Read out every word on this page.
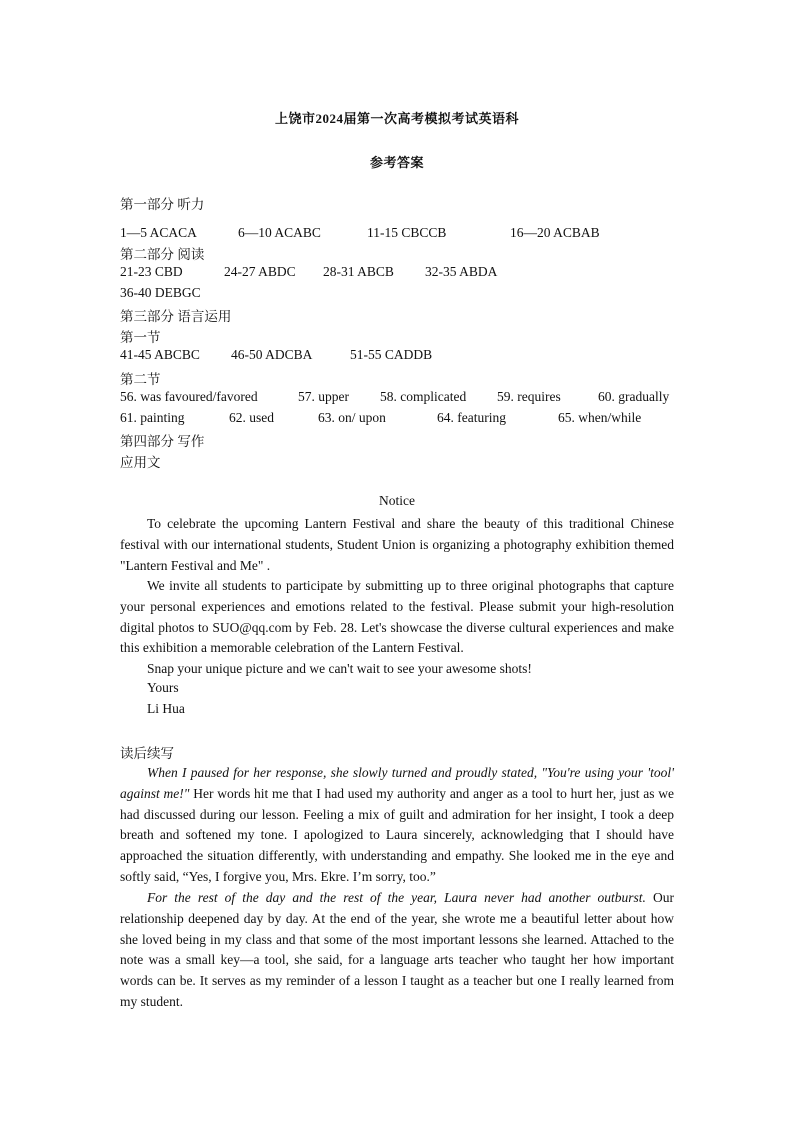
上饶市2024届第一次高考模拟考试英语科
参考答案
第一部分 听力
1—5 ACACA	6—10 ACABC	11-15 CBCCB	16—20 ACBAB
第二部分 阅读
21-23 CBD	24-27 ABDC 28-31 ABCB 32-35 ABDA
36-40 DEBGC
第三部分 语言运用
第一节
41-45 ABCBC 46-50 ADCBA	51-55 CADDB
第二节
56. was favoured/favored	57. upper 58. complicated 59. requires	60. gradually
61. painting	62. used	63. on/ upon	64. featuring	65. when/while
第四部分 写作
应用文
Notice

To celebrate the upcoming Lantern Festival and share the beauty of this traditional Chinese festival with our international students, Student Union is organizing a photography exhibition themed "Lantern Festival and Me" .

We invite all students to participate by submitting up to three original photographs that capture your personal experiences and emotions related to the festival. Please submit your high-resolution digital photos to SUO@qq.com by Feb. 28. Let's showcase the diverse cultural experiences and make this exhibition a memorable celebration of the Lantern Festival.

Snap your unique picture and we can't wait to see your awesome shots!

Yours
Li Hua
读后续写

When I paused for her response, she slowly turned and proudly stated, "You're using your 'tool' against me!" Her words hit me that I had used my authority and anger as a tool to hurt her, just as we had discussed during our lesson. Feeling a mix of guilt and admiration for her insight, I took a deep breath and softened my tone. I apologized to Laura sincerely, acknowledging that I should have approached the situation differently, with understanding and empathy. She looked me in the eye and softly said, “Yes, I forgive you, Mrs. Ekre. I’m sorry, too.”

For the rest of the day and the rest of the year, Laura never had another outburst. Our relationship deepened day by day. At the end of the year, she wrote me a beautiful letter about how she loved being in my class and that some of the most important lessons she learned. Attached to the note was a small key—a tool, she said, for a language arts teacher who taught her how important words can be. It serves as my reminder of a lesson I taught as a teacher but one I really learned from my student.
